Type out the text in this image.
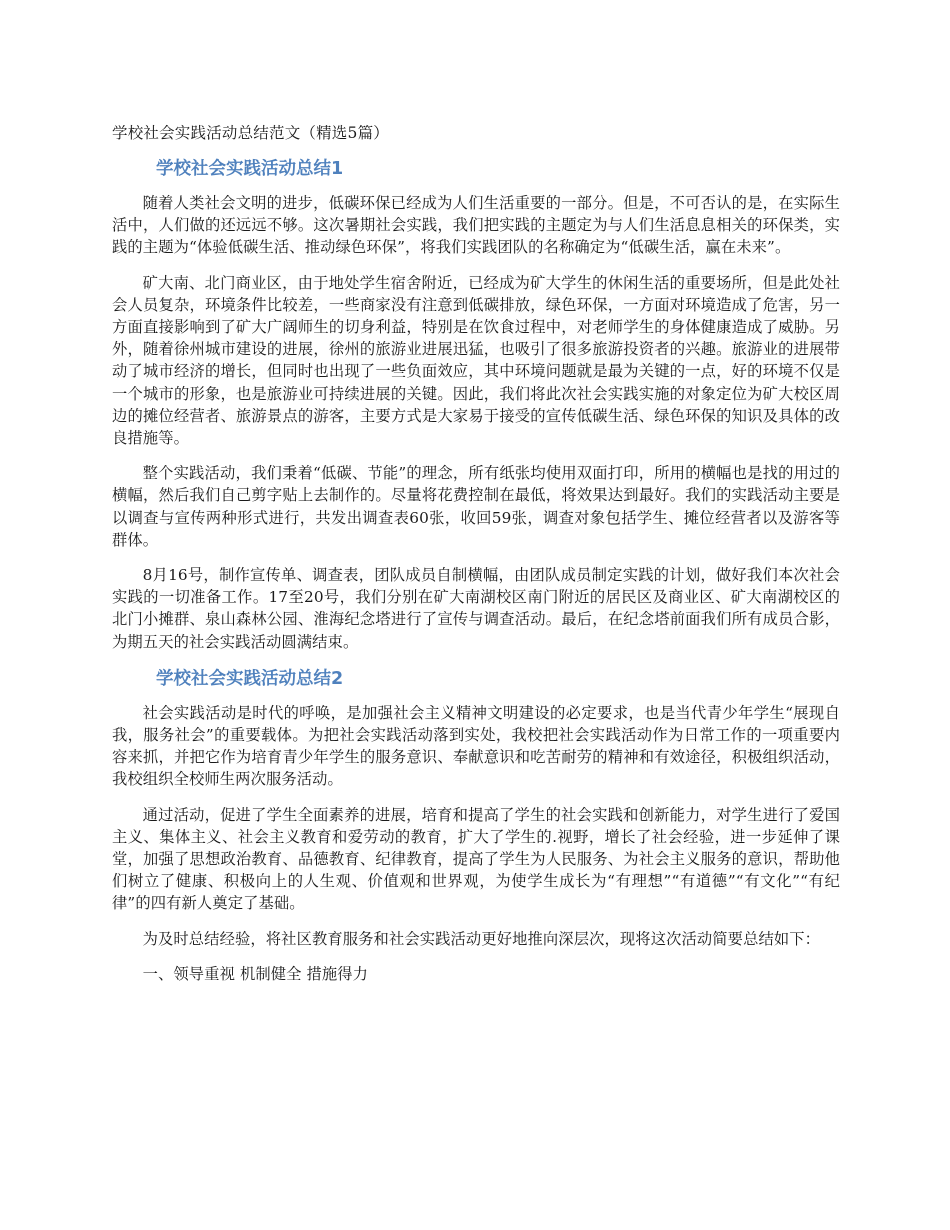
学校社会实践活动总结范文（精选5篇）
学校社会实践活动总结1

随着人类社会文明的进步，低碳环保已经成为人们生活重要的一部分。但是，不可否认的是，在实际生活中，人们做的还远远不够。这次暑期社会实践，我们把实践的主题定为与人们生活息息相关的环保类，实践的主题为“体验低碳生活、推动绿色环保”，将我们实践团队的名称确定为“低碳生活，赢在未来”。

矿大南、北门商业区，由于地处学生宿舍附近，已经成为矿大学生的休闲生活的重要场所，但是此处社会人员复杂，环境条件比较差，一些商家没有注意到低碳排放，绿色环保，一方面对环境造成了危害，另一方面直接影响到了矿大广阔师生的切身利益，特别是在饮食过程中，对老师学生的身体健康造成了威胁。另外，随着徐州城市建设的进展，徐州的旅游业进展迅猛，也吸引了很多旅游投资者的兴趣。旅游业的进展带动了城市经济的增长，但同时也出现了一些负面效应，其中环境问题就是最为关键的一点，好的环境不仅是一个城市的形象，也是旅游业可持续进展的关键。因此，我们将此次社会实践实施的对象定位为矿大校区周边的摊位经营者、旅游景点的游客，主要方式是大家易于接受的宣传低碳生活、绿色环保的知识及具体的改良措施等。

整个实践活动，我们秉着“低碳、节能”的理念，所有纸张均使用双面打印，所用的横幅也是找的用过的横幅，然后我们自己剪字贴上去制作的。尽量将花费控制在最低，将效果达到最好。我们的实践活动主要是以调查与宣传两种形式进行，共发出调查表60张，收回59张，调查对象包括学生、摊位经营者以及游客等群体。

8月16号，制作宣传单、调查表，团队成员自制横幅，由团队成员制定实践的计划，做好我们本次社会实践的一切准备工作。17至20号，我们分别在矿大南湖校区南门附近的居民区及商业区、矿大南湖校区的北门小摊群、泉山森林公园、淮海纪念塔进行了宣传与调查活动。最后，在纪念塔前面我们所有成员合影，为期五天的社会实践活动圆满结束。

学校社会实践活动总结2

社会实践活动是时代的呼唤，是加强社会主义精神文明建设的必定要求，也是当代青少年学生“展现自我，服务社会”的重要载体。为把社会实践活动落到实处，我校把社会实践活动作为日常工作的一项重要内容来抓，并把它作为培育青少年学生的服务意识、奉献意识和吃苦耐劳的精神和有效途径，积极组织活动，我校组织全校师生两次服务活动。

通过活动，促进了学生全面素养的进展，培育和提高了学生的社会实践和创新能力，对学生进行了爱国主义、集体主义、社会主义教育和爱劳动的教育，扩大了学生的.视野，增长了社会经验，进一步延伸了课堂，加强了思想政治教育、品德教育、纪律教育，提高了学生为人民服务、为社会主义服务的意识，帮助他们树立了健康、积极向上的人生观、价值观和世界观，为使学生成长为“有理想”“有道德”“有文化”“有纪律”的四有新人奠定了基础。

为及时总结经验，将社区教育服务和社会实践活动更好地推向深层次，现将这次活动简要总结如下：

一、领导重视 机制健全 措施得力
